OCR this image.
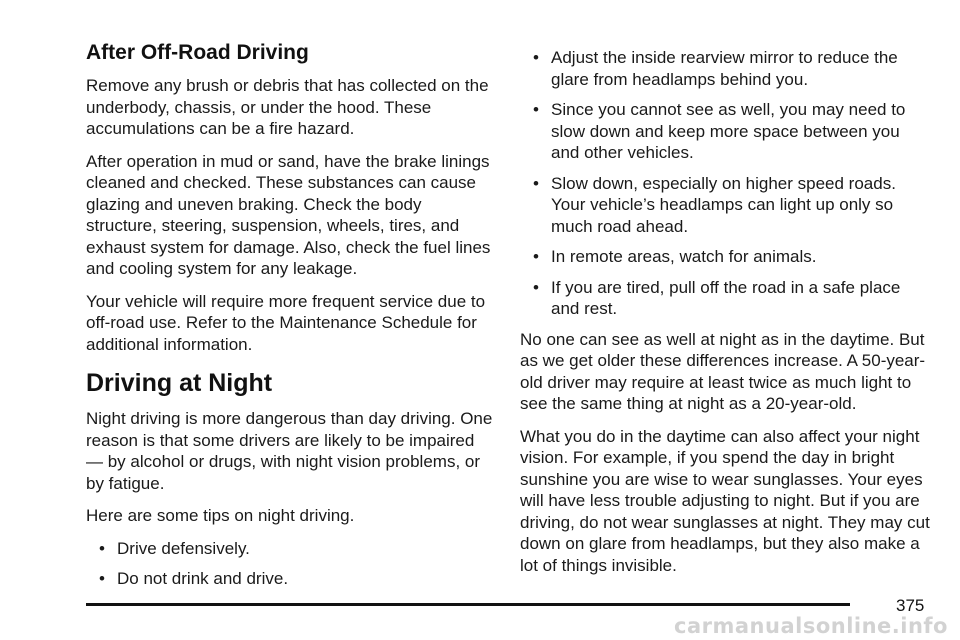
After Off-Road Driving

Remove any brush or debris that has collected on the underbody, chassis, or under the hood. These accumulations can be a fire hazard.

After operation in mud or sand, have the brake linings cleaned and checked. These substances can cause glazing and uneven braking. Check the body structure, steering, suspension, wheels, tires, and exhaust system for damage. Also, check the fuel lines and cooling system for any leakage.

Your vehicle will require more frequent service due to off-road use. Refer to the Maintenance Schedule for additional information.

Driving at Night

Night driving is more dangerous than day driving. One reason is that some drivers are likely to be impaired — by alcohol or drugs, with night vision problems, or by fatigue.

Here are some tips on night driving.

• Drive defensively.
• Do not drink and drive.
• Adjust the inside rearview mirror to reduce the glare from headlamps behind you.
• Since you cannot see as well, you may need to slow down and keep more space between you and other vehicles.
• Slow down, especially on higher speed roads. Your vehicle’s headlamps can light up only so much road ahead.
• In remote areas, watch for animals.
• If you are tired, pull off the road in a safe place and rest.

No one can see as well at night as in the daytime. But as we get older these differences increase. A 50-year-old driver may require at least twice as much light to see the same thing at night as a 20-year-old.

What you do in the daytime can also affect your night vision. For example, if you spend the day in bright sunshine you are wise to wear sunglasses. Your eyes will have less trouble adjusting to night. But if you are driving, do not wear sunglasses at night. They may cut down on glare from headlamps, but they also make a lot of things invisible.

375
carmanualsonline.info
